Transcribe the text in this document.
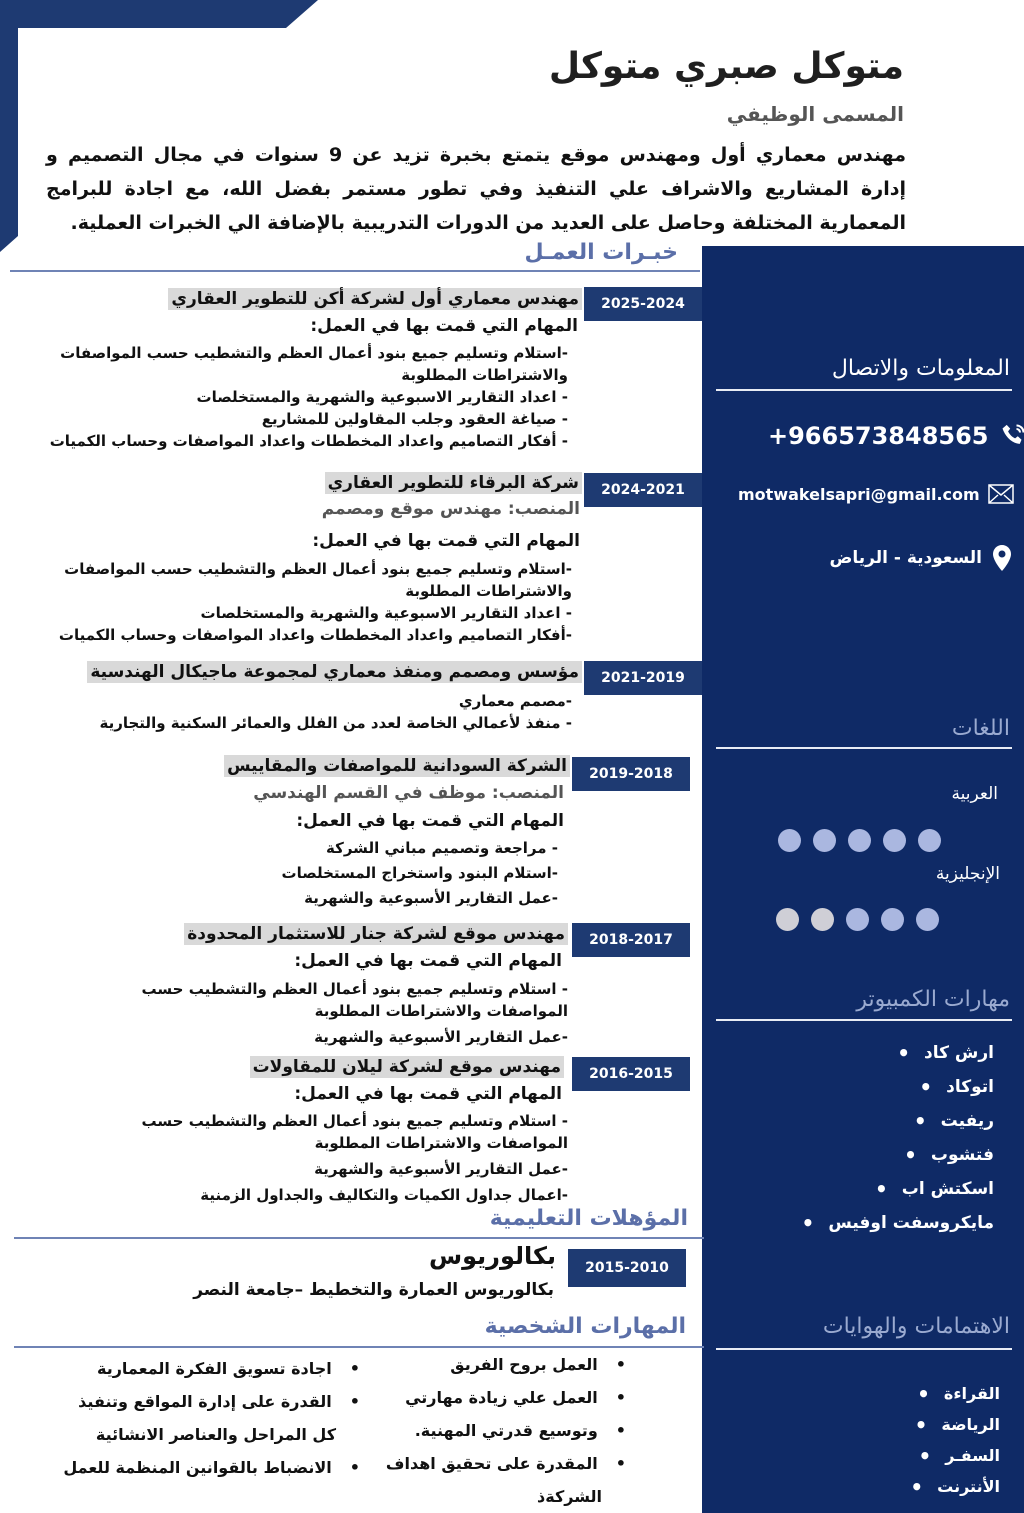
متوكل صبري متوكل
المسمى الوظيفي
مهندس معماري أول ومهندس موقع يتمتع بخبرة تزيد عن 9 سنوات في مجال التصميم و إدارة المشاريع والاشراف علي التنفيذ وفي تطور مستمر بفضل الله، مع اجادة للبرامج المعمارية المختلفة وحاصل على العديد من الدورات التدريبية بالإضافة الي الخبرات العملية.
المعلومات والاتصال
+966573848565
motwakelsapri@gmail.com
السعودية - الرياض
اللغات
العربية
الإنجليزية
مهارات الكمبيوتر
• ارش كاد
• اتوكاد
• ريفيت
• فتشوب
• اسكتش اب
• مايكروسفت اوفيس
الاهتمامات والهوايات
• القراءة
• الرياضة
• السفـر
• الأنترنت
خبـرات العمـل
2025-2024
مهندس معماري أول لشركة أكن للتطوير العقاري
المهام التي قمت بها في العمل:
-استلام وتسليم جميع بنود أعمال العظم والتشطيب حسب المواصفات
والاشتراطات المطلوبة
- اعداد التقارير الاسبوعية والشهرية والمستخلصات
- صياغة العقود وجلب المقاولين للمشاريع
- أفكار التصاميم واعداد المخططات واعداد المواصفات وحساب الكميات
2024-2021
شركة البرقاء للتطوير العقاري
المنصب: مهندس موقع ومصمم
المهام التي قمت بها في العمل:
-استلام وتسليم جميع بنود أعمال العظم والتشطيب حسب المواصفات
والاشتراطات المطلوبة
- اعداد التقارير الاسبوعية والشهرية والمستخلصات
-أفكار التصاميم واعداد المخططات واعداد المواصفات وحساب الكميات
2021-2019
مؤسس ومصمم ومنفذ معماري لمجموعة ماجيكال الهندسية
-مصمم معماري
- منفذ لأعمالي الخاصة لعدد من الفلل والعمائر السكنية والتجارية
2019-2018
الشركة السودانية للمواصفات والمقاييس
المنصب: موظف في القسم الهندسي
المهام التي قمت بها في العمل:
- مراجعة وتصميم مباني الشركة
-استلام البنود واستخراج المستخلصات
-عمل التقارير الأسبوعية والشهرية
2018-2017
مهندس موقع لشركة جنار للاستثمار المحدودة
المهام التي قمت بها في العمل:
- استلام وتسليم جميع بنود أعمال العظم والتشطيب حسب
المواصفات والاشتراطات المطلوبة
-عمل التقارير الأسبوعية والشهرية
2016-2015
مهندس موقع لشركة ليلان للمقاولات
المهام التي قمت بها في العمل:
- استلام وتسليم جميع بنود أعمال العظم والتشطيب حسب
المواصفات والاشتراطات المطلوبة
-عمل التقارير الأسبوعية والشهرية
-اعمال جداول الكميات والتكاليف والجداول الزمنية
المؤهلات التعليمية
2015-2010
بكالوريوس
بكالوريوس العمارة والتخطيط –جامعة النصر
المهارات الشخصية
• العمل بروح الفريق
• العمل علي زيادة مهارتي
• وتوسيع قدرتي المهنية.
• المقدرة على تحقيق اهداف
الشركةذ
• اجادة تسويق الفكرة المعمارية
• القدرة على إدارة المواقع وتنفيذ
كل المراحل والعناصر الانشائية
• الانضباط بالقوانين المنظمة للعمل
